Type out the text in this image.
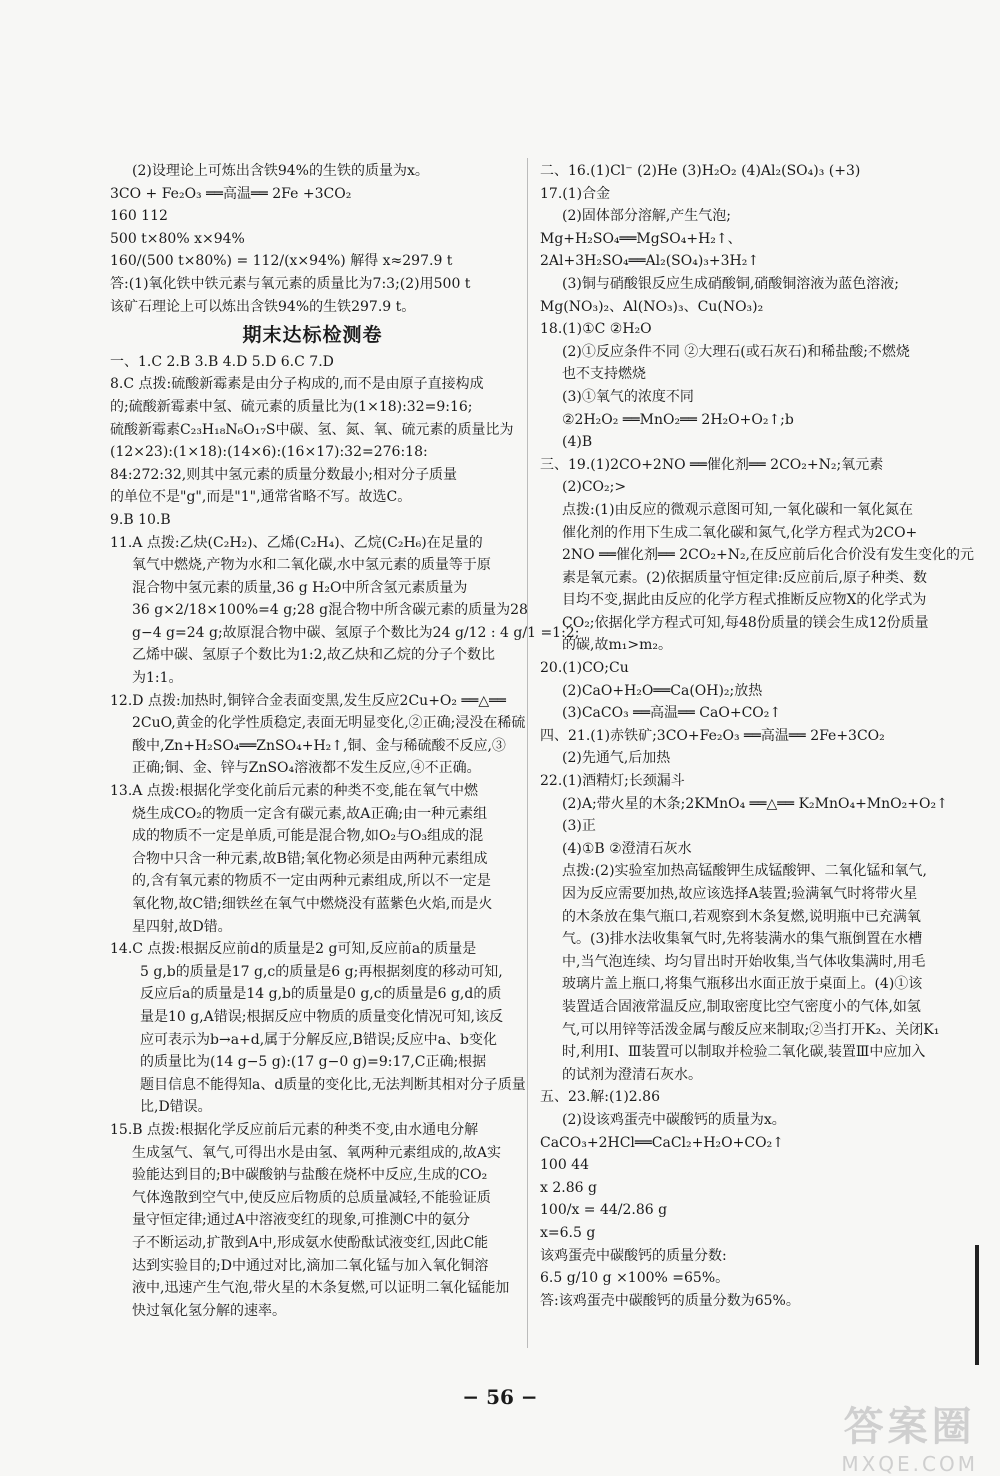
(2)设理论上可炼出含铁94%的生铁的质量为x。

3CO + Fe₂O₃ ══高温══ 2Fe +3CO₂

160 112

500 t×80% x×94%

160/(500 t×80%) = 112/(x×94%) 解得 x≈297.9 t

答:(1)氧化铁中铁元素与氧元素的质量比为7:3;(2)用500 t

该矿石理论上可以炼出含铁94%的生铁297.9 t。

期末达标检测卷

一、1.C 2.B 3.B 4.D 5.D 6.C 7.D

8.C 点拨:硫酸新霉素是由分子构成的,而不是由原子直接构成

的;硫酸新霉素中氢、硫元素的质量比为(1×18):32=9:16;

硫酸新霉素C₂₃H₁₈N₆O₁₇S中碳、氢、氮、氧、硫元素的质量比为

(12×23):(1×18):(14×6):(16×17):32=276:18:

84:272:32,则其中氢元素的质量分数最小;相对分子质量

的单位不是"g",而是"1",通常省略不写。故选C。

9.B 10.B

11.A 点拨:乙炔(C₂H₂)、乙烯(C₂H₄)、乙烷(C₂H₆)在足量的

氧气中燃烧,产物为水和二氧化碳,水中氢元素的质量等于原

混合物中氢元素的质量,36 g H₂O中所含氢元素质量为

36 g×2/18×100%=4 g;28 g混合物中所含碳元素的质量为28

g−4 g=24 g;故原混合物中碳、氢原子个数比为24 g/12 : 4 g/1 =1:2;

乙烯中碳、氢原子个数比为1:2,故乙炔和乙烷的分子个数比

为1:1。

12.D 点拨:加热时,铜锌合金表面变黑,发生反应2Cu+O₂ ══△══

2CuO,黄金的化学性质稳定,表面无明显变化,②正确;浸没在稀硫

酸中,Zn+H₂SO₄══ZnSO₄+H₂↑,铜、金与稀硫酸不反应,③

正确;铜、金、锌与ZnSO₄溶液都不发生反应,④不正确。

13.A 点拨:根据化学变化前后元素的种类不变,能在氧气中燃

烧生成CO₂的物质一定含有碳元素,故A正确;由一种元素组

成的物质不一定是单质,可能是混合物,如O₂与O₃组成的混

合物中只含一种元素,故B错;氧化物必须是由两种元素组成

的,含有氧元素的物质不一定由两种元素组成,所以不一定是

氧化物,故C错;细铁丝在氧气中燃烧没有蓝紫色火焰,而是火

星四射,故D错。

14.C 点拨:根据反应前d的质量是2 g可知,反应前a的质量是

5 g,b的质量是17 g,c的质量是6 g;再根据刻度的移动可知,

反应后a的质量是14 g,b的质量是0 g,c的质量是6 g,d的质

量是10 g,A错误;根据反应中物质的质量变化情况可知,该反

应可表示为b→a+d,属于分解反应,B错误;反应中a、b变化

的质量比为(14 g−5 g):(17 g−0 g)=9:17,C正确;根据

题目信息不能得知a、d质量的变化比,无法判断其相对分子质量

比,D错误。

15.B 点拨:根据化学反应前后元素的种类不变,由水通电分解

生成氢气、氧气,可得出水是由氢、氧两种元素组成的,故A实

验能达到目的;B中碳酸钠与盐酸在烧杯中反应,生成的CO₂

气体逸散到空气中,使反应后物质的总质量减轻,不能验证质

量守恒定律;通过A中溶液变红的现象,可推测C中的氨分

子不断运动,扩散到A中,形成氨水使酚酞试液变红,因此C能

达到实验目的;D中通过对比,滴加二氧化锰与加入氧化铜溶

液中,迅速产生气泡,带火星的木条复燃,可以证明二氧化锰能加

快过氧化氢分解的速率。

二、16.(1)Cl⁻ (2)He (3)H₂O₂ (4)Al₂(SO₄)₃ (+3)

17.(1)合金

(2)固体部分溶解,产生气泡;

Mg+H₂SO₄══MgSO₄+H₂↑、

2Al+3H₂SO₄══Al₂(SO₄)₃+3H₂↑

(3)铜与硝酸银反应生成硝酸铜,硝酸铜溶液为蓝色溶液;

Mg(NO₃)₂、Al(NO₃)₃、Cu(NO₃)₂

18.(1)①C ②H₂O

(2)①反应条件不同 ②大理石(或石灰石)和稀盐酸;不燃烧

也不支持燃烧

(3)①氧气的浓度不同

②2H₂O₂ ══MnO₂══ 2H₂O+O₂↑;b

(4)B

三、19.(1)2CO+2NO ══催化剂══ 2CO₂+N₂;氧元素

(2)CO₂;>

点拨:(1)由反应的微观示意图可知,一氧化碳和一氧化氮在

催化剂的作用下生成二氧化碳和氮气,化学方程式为2CO+

2NO ══催化剂══ 2CO₂+N₂,在反应前后化合价没有发生变化的元

素是氧元素。(2)依据质量守恒定律:反应前后,原子种类、数

目均不变,据此由反应的化学方程式推断反应物X的化学式为

CO₂;依据化学方程式可知,每48份质量的镁会生成12份质量

的碳,故m₁>m₂。

20.(1)CO;Cu

(2)CaO+H₂O══Ca(OH)₂;放热

(3)CaCO₃ ══高温══ CaO+CO₂↑

四、21.(1)赤铁矿;3CO+Fe₂O₃ ══高温══ 2Fe+3CO₂

(2)先通气,后加热

22.(1)酒精灯;长颈漏斗

(2)A;带火星的木条;2KMnO₄ ══△══ K₂MnO₄+MnO₂+O₂↑

(3)正

(4)①B ②澄清石灰水

点拨:(2)实验室加热高锰酸钾生成锰酸钾、二氧化锰和氧气,

因为反应需要加热,故应该选择A装置;验满氧气时将带火星

的木条放在集气瓶口,若观察到木条复燃,说明瓶中已充满氧

气。(3)排水法收集氧气时,先将装满水的集气瓶倒置在水槽

中,当气泡连续、均匀冒出时开始收集,当气体收集满时,用毛

玻璃片盖上瓶口,将集气瓶移出水面正放于桌面上。(4)①该

装置适合固液常温反应,制取密度比空气密度小的气体,如氢

气,可以用锌等活泼金属与酸反应来制取;②当打开K₂、关闭K₁

时,利用Ⅰ、Ⅲ装置可以制取并检验二氧化碳,装置Ⅲ中应加入

的试剂为澄清石灰水。

五、23.解:(1)2.86

(2)设该鸡蛋壳中碳酸钙的质量为x。

CaCO₃+2HCl══CaCl₂+H₂O+CO₂↑

100 44

x 2.86 g

100/x = 44/2.86 g

x=6.5 g

该鸡蛋壳中碳酸钙的质量分数:

6.5 g/10 g ×100% =65%。

答:该鸡蛋壳中碳酸钙的质量分数为65%。

− 56 −
答案圈
MXQE.COM
